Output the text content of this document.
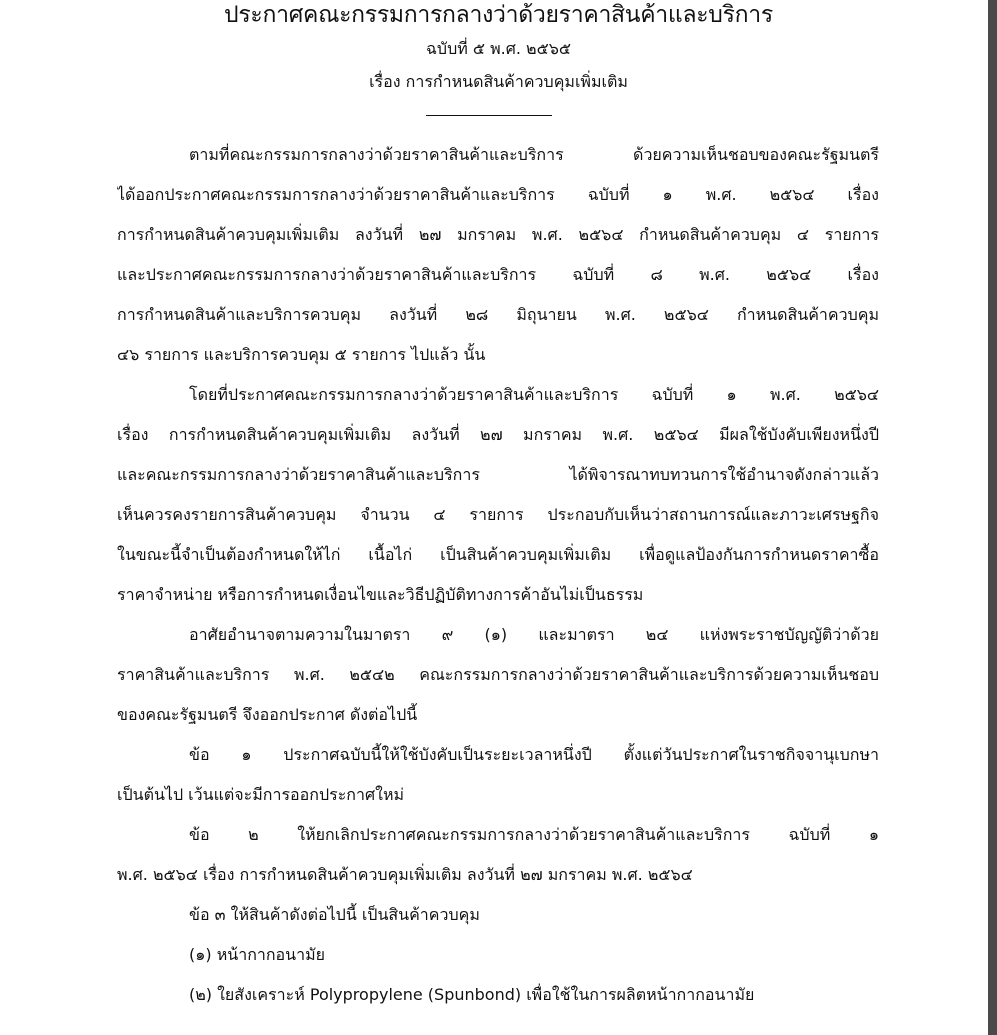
ประกาศคณะกรรมการกลางว่าด้วยราคาสินค้าและบริการ
ฉบับที่ ๕ พ.ศ. ๒๕๖๕
เรื่อง การกำหนดสินค้าควบคุมเพิ่มเติม
ตามที่คณะกรรมการกลางว่าด้วยราคาสินค้าและบริการ ด้วยความเห็นชอบของคณะรัฐมนตรี
ได้ออกประกาศคณะกรรมการกลางว่าด้วยราคาสินค้าและบริการ ฉบับที่ ๑ พ.ศ. ๒๕๖๔ เรื่อง
การกำหนดสินค้าควบคุมเพิ่มเติม ลงวันที่ ๒๗ มกราคม พ.ศ. ๒๕๖๔ กำหนดสินค้าควบคุม ๔ รายการ
และประกาศคณะกรรมการกลางว่าด้วยราคาสินค้าและบริการ ฉบับที่ ๘ พ.ศ. ๒๕๖๔ เรื่อง
การกำหนดสินค้าและบริการควบคุม ลงวันที่ ๒๘ มิถุนายน พ.ศ. ๒๕๖๔ กำหนดสินค้าควบคุม
๔๖ รายการ และบริการควบคุม ๕ รายการ ไปแล้ว นั้น
โดยที่ประกาศคณะกรรมการกลางว่าด้วยราคาสินค้าและบริการ ฉบับที่ ๑ พ.ศ. ๒๕๖๔
เรื่อง การกำหนดสินค้าควบคุมเพิ่มเติม ลงวันที่ ๒๗ มกราคม พ.ศ. ๒๕๖๔ มีผลใช้บังคับเพียงหนึ่งปี
และคณะกรรมการกลางว่าด้วยราคาสินค้าและบริการ ได้พิจารณาทบทวนการใช้อำนาจดังกล่าวแล้ว
เห็นควรคงรายการสินค้าควบคุม จำนวน ๔ รายการ ประกอบกับเห็นว่าสถานการณ์และภาวะเศรษฐกิจ
ในขณะนี้จำเป็นต้องกำหนดให้ไก่ เนื้อไก่ เป็นสินค้าควบคุมเพิ่มเติม เพื่อดูแลป้องกันการกำหนดราคาซื้อ
ราคาจำหน่าย หรือการกำหนดเงื่อนไขและวิธีปฏิบัติทางการค้าอันไม่เป็นธรรม
อาศัยอำนาจตามความในมาตรา ๙ (๑) และมาตรา ๒๔ แห่งพระราชบัญญัติว่าด้วย
ราคาสินค้าและบริการ พ.ศ. ๒๕๔๒ คณะกรรมการกลางว่าด้วยราคาสินค้าและบริการด้วยความเห็นชอบ
ของคณะรัฐมนตรี จึงออกประกาศ ดังต่อไปนี้
ข้อ ๑ ประกาศฉบับนี้ให้ใช้บังคับเป็นระยะเวลาหนึ่งปี ตั้งแต่วันประกาศในราชกิจจานุเบกษา
เป็นต้นไป เว้นแต่จะมีการออกประกาศใหม่
ข้อ ๒ ให้ยกเลิกประกาศคณะกรรมการกลางว่าด้วยราคาสินค้าและบริการ ฉบับที่ ๑
พ.ศ. ๒๕๖๔ เรื่อง การกำหนดสินค้าควบคุมเพิ่มเติม ลงวันที่ ๒๗ มกราคม พ.ศ. ๒๕๖๔
ข้อ ๓ ให้สินค้าดังต่อไปนี้ เป็นสินค้าควบคุม
(๑) หน้ากากอนามัย
(๒) ใยสังเคราะห์ Polypropylene (Spunbond) เพื่อใช้ในการผลิตหน้ากากอนามัย
